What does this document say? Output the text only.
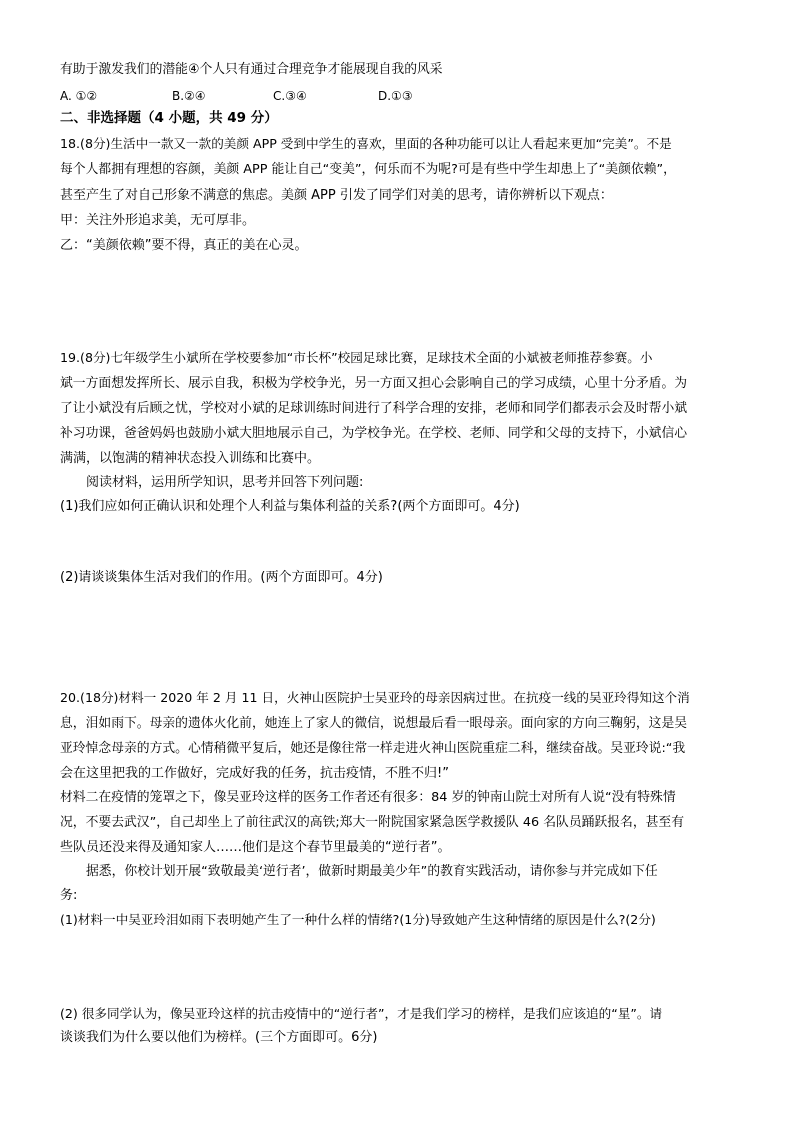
有助于激发我们的潜能④个人只有通过合理竞争才能展现自我的风采
A. ①②	B.②④	C.③④	D.①③
二、非选择题（4 小题，共 49 分）
18.(8分)生活中一款又一款的美颜 APP 受到中学生的喜欢，里面的各种功能可以让人看起来更加“完美”。不是
每个人都拥有理想的容颜，美颜 APP 能让自己“变美”，何乐而不为呢?可是有些中学生却患上了“美颜依赖”，
甚至产生了对自己形象不满意的焦虑。美颜 APP 引发了同学们对美的思考，请你辨析以下观点：
甲：关注外形追求美，无可厚非。
乙：“美颜依赖”要不得，真正的美在心灵。
19.(8分)七年级学生小斌所在学校要参加“市长杯”校园足球比赛，足球技术全面的小斌被老师推荐参赛。小
斌一方面想发挥所长、展示自我，积极为学校争光，另一方面又担心会影响自己的学习成绩，心里十分矛盾。为
了让小斌没有后顾之忧，学校对小斌的足球训练时间进行了科学合理的安排，老师和同学们都表示会及时帮小斌
补习功课，爸爸妈妈也鼓励小斌大胆地展示自己，为学校争光。在学校、老师、同学和父母的支持下，小斌信心
满满，以饱满的精神状态投入训练和比赛中。
阅读材料，运用所学知识，思考并回答下列问题:
(1)我们应如何正确认识和处理个人利益与集体利益的关系?(两个方面即可。4分)
(2)请谈谈集体生活对我们的作用。(两个方面即可。4分)
20.(18分)材料一 2020 年 2 月 11 日，火神山医院护士吴亚玲的母亲因病过世。在抗疫一线的吴亚玲得知这个消
息，泪如雨下。母亲的遗体火化前，她连上了家人的微信，说想最后看一眼母亲。面向家的方向三鞠躬，这是吴
亚玲悼念母亲的方式。心情稍微平复后，她还是像往常一样走进火神山医院重症二科，继续奋战。吴亚玲说:“我
会在这里把我的工作做好，完成好我的任务，抗击疫情，不胜不归!”
材料二在疫情的笼罩之下，像吴亚玲这样的医务工作者还有很多：84 岁的钟南山院士对所有人说“没有特殊情
况，不要去武汉”，自己却坐上了前往武汉的高铁;郑大一附院国家紧急医学救援队 46 名队员踊跃报名，甚至有
些队员还没来得及通知家人……他们是这个春节里最美的“逆行者”。
据悉，你校计划开展“致敬最美‘逆行者’，做新时期最美少年”的教育实践活动，请你参与并完成如下任
务:
(1)材料一中吴亚玲泪如雨下表明她产生了一种什么样的情绪?(1分)导致她产生这种情绪的原因是什么?(2分)
(2) 很多同学认为，像吴亚玲这样的抗击疫情中的“逆行者”，才是我们学习的榜样，是我们应该追的“星”。请
谈谈我们为什么要以他们为榜样。(三个方面即可。6分)
